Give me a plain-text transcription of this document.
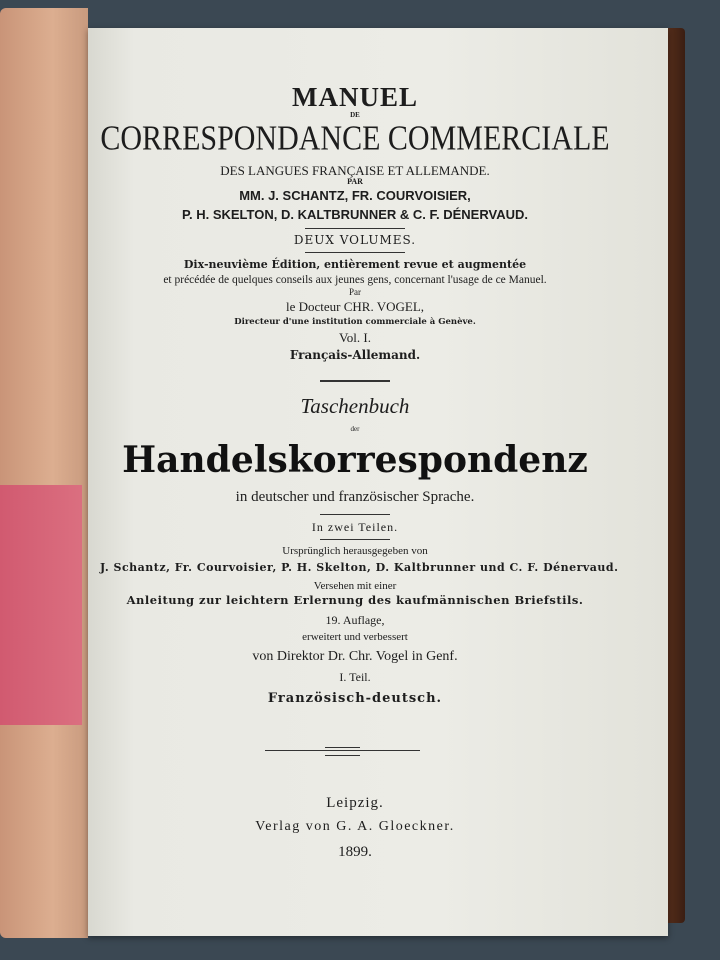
MANUEL
DE
CORRESPONDANCE COMMERCIALE
DES LANGUES FRANÇAISE ET ALLEMANDE.
PAR
MM. J. SCHANTZ, FR. COURVOISIER,
P. H. SKELTON, D. KALTBRUNNER & C. F. DÉNERVAUD.
DEUX VOLUMES.
Dix-neuvième Édition, entièrement revue et augmentée
et précédée de quelques conseils aux jeunes gens, concernant l'usage de ce Manuel.
Par
le Docteur CHR. VOGEL,
Directeur d'une institution commerciale à Genève.
Vol. I.
Français-Allemand.
Taschenbuch
der
Handelskorrespondenz
in deutscher und französischer Sprache.
In zwei Teilen.
Ursprünglich herausgegeben von
J. Schantz, Fr. Courvoisier, P. H. Skelton, D. Kaltbrunner und C. F. Dénervaud.
Versehen mit einer
Anleitung zur leichtern Erlernung des kaufmännischen Briefstils.
19. Auflage,
erweitert und verbessert
von Direktor Dr. Chr. Vogel in Genf.
I. Teil.
Französisch-deutsch.
Leipzig.
Verlag von G. A. Gloeckner.
1899.
